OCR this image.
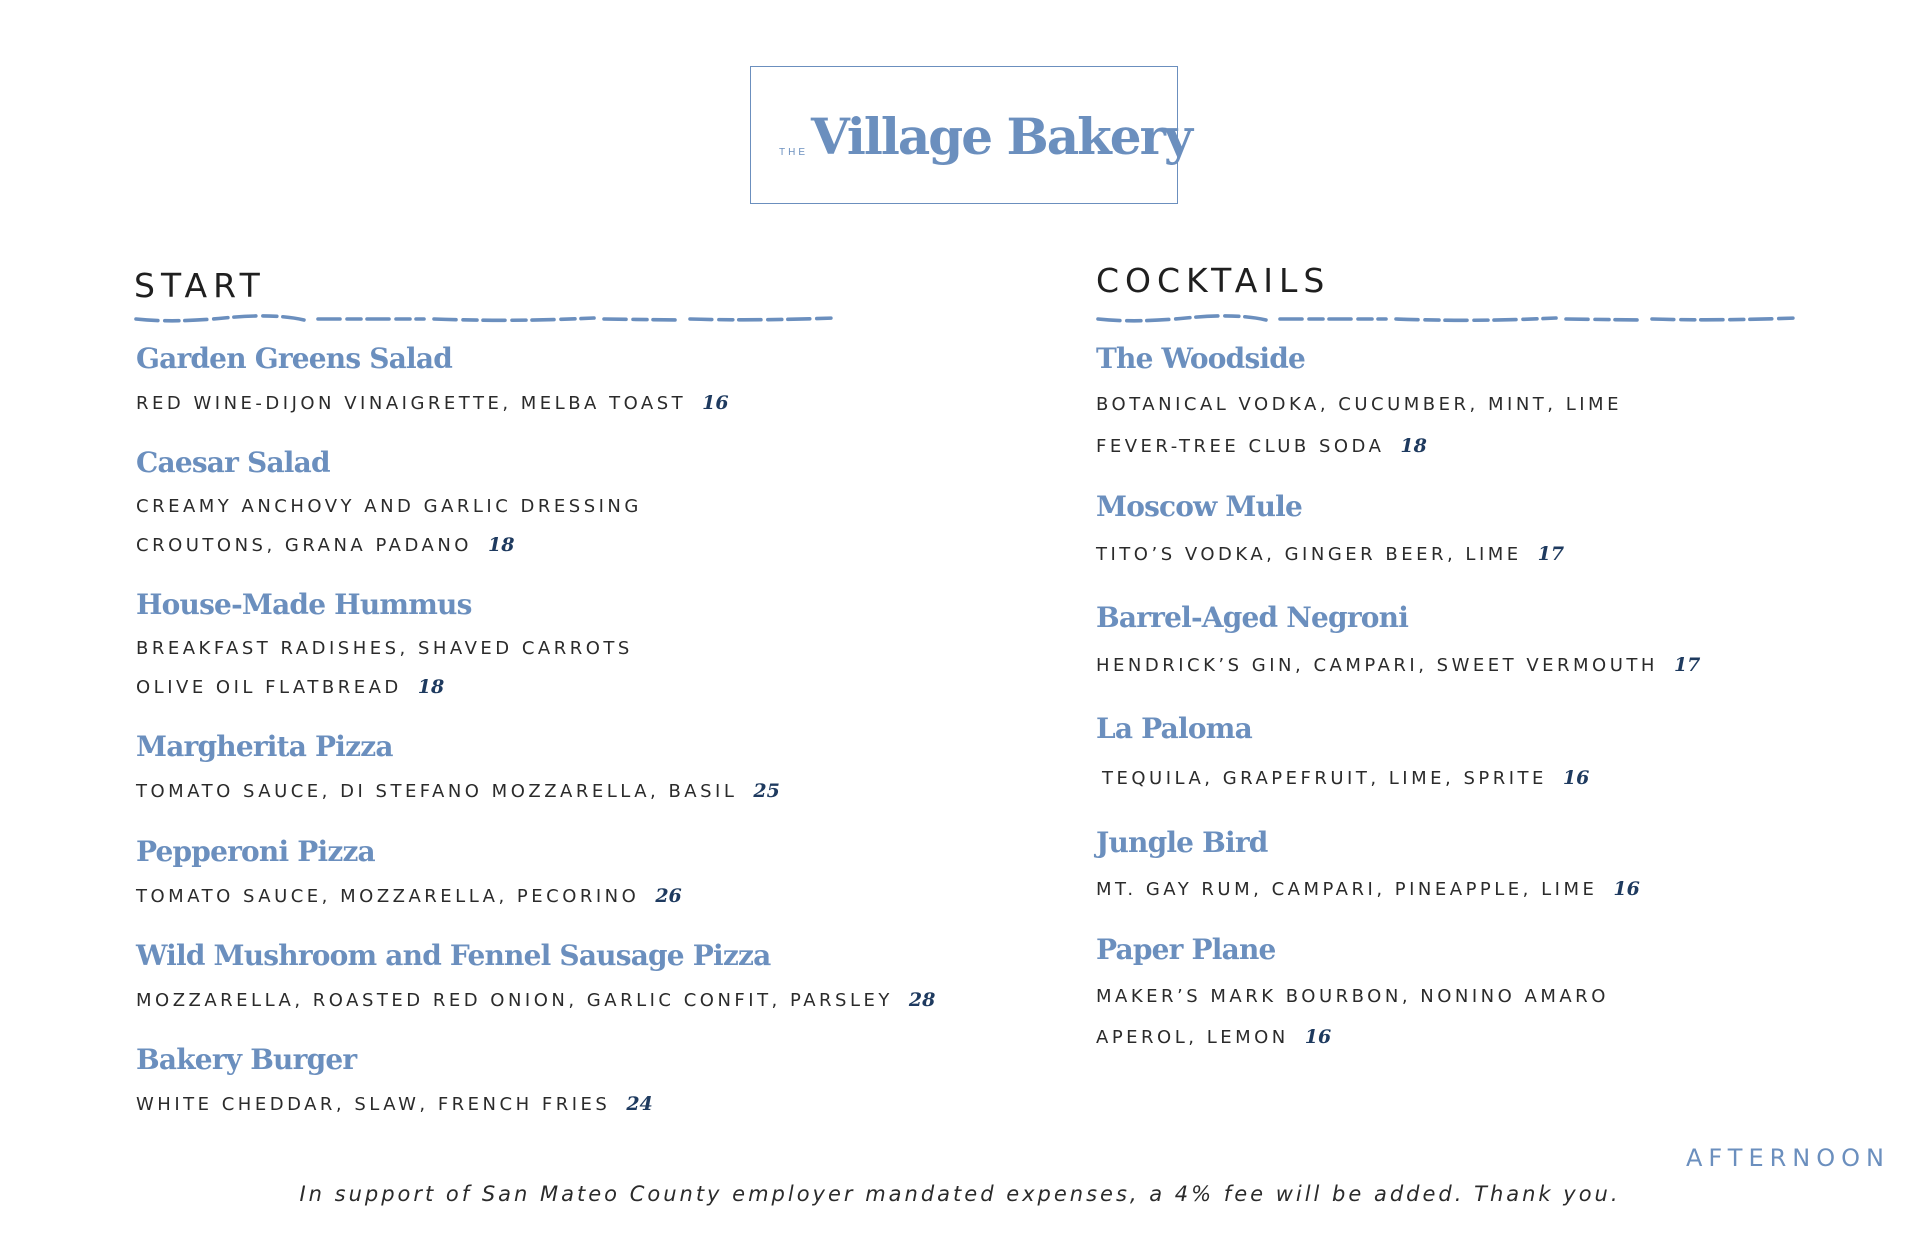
THE Village Bakery
START
Garden Greens Salad
RED WINE-DIJON VINAIGRETTE, MELBA TOAST 16
Caesar Salad
CREAMY ANCHOVY AND GARLIC DRESSING
CROUTONS, GRANA PADANO 18
House-Made Hummus
BREAKFAST RADISHES, SHAVED CARROTS
OLIVE OIL FLATBREAD 18
Margherita Pizza
TOMATO SAUCE, DI STEFANO MOZZARELLA, BASIL 25
Pepperoni Pizza
TOMATO SAUCE, MOZZARELLA, PECORINO 26
Wild Mushroom and Fennel Sausage Pizza
MOZZARELLA, ROASTED RED ONION, GARLIC CONFIT, PARSLEY 28
Bakery Burger
WHITE CHEDDAR, SLAW, FRENCH FRIES 24
COCKTAILS
The Woodside
BOTANICAL VODKA, CUCUMBER, MINT, LIME
FEVER-TREE CLUB SODA 18
Moscow Mule
TITO’S VODKA, GINGER BEER, LIME 17
Barrel-Aged Negroni
HENDRICK’S GIN, CAMPARI, SWEET VERMOUTH 17
La Paloma
TEQUILA, GRAPEFRUIT, LIME, SPRITE 16
Jungle Bird
MT. GAY RUM, CAMPARI, PINEAPPLE, LIME 16
Paper Plane
MAKER’S MARK BOURBON, NONINO AMARO
APEROL, LEMON 16
AFTERNOON
In support of San Mateo County employer mandated expenses, a 4% fee will be added. Thank you.
